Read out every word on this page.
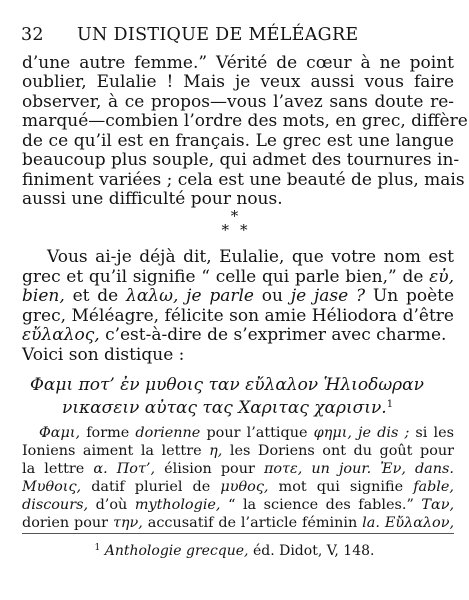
32 UN DISTIQUE DE MÉLÉAGRE
d’une autre femme.” Vérité de cœur à ne point
oublier, Eulalie ! Mais je veux aussi vous faire
observer, à ce propos—vous l’avez sans doute re-
marqué—combien l’ordre des mots, en grec, diffère
de ce qu’il est en français. Le grec est une langue
beaucoup plus souple, qui admet des tournures in-
finiment variées ; cela est une beauté de plus, mais
aussi une difficulté pour nous.
*
**
Vous ai-je déjà dit, Eulalie, que votre nom est
grec et qu’il signifie “ celle qui parle bien,” de εὐ,
bien, et de λαλω, je parle ou je jase ? Un poète
grec, Méléagre, félicite son amie Héliodora d’être
εὔλαλος, c’est-à-dire de s’exprimer avec charme.
Voici son distique :
Φαμι ποτ’ ἐν μυθοις ταν εὔλαλον Ἡλιοδωραν
νικασειν αὐτας τας Χαριτας χαρισιν.$^1$
Φαμι, forme dorienne pour l’attique φημι, je dis ; si les
Ioniens aiment la lettre η, les Doriens ont du goût pour
la lettre α. Ποτ’, élision pour ποτε, un jour. Ἐν, dans.
Μυθοις, datif pluriel de μυθος, mot qui signifie fable,
discours, d’où mythologie, “ la science des fables.” Ταν,
dorien pour την, accusatif de l’article féminin la. Εὔλαλον,
$^1$ Anthologie grecque, éd. Didot, V, 148.
